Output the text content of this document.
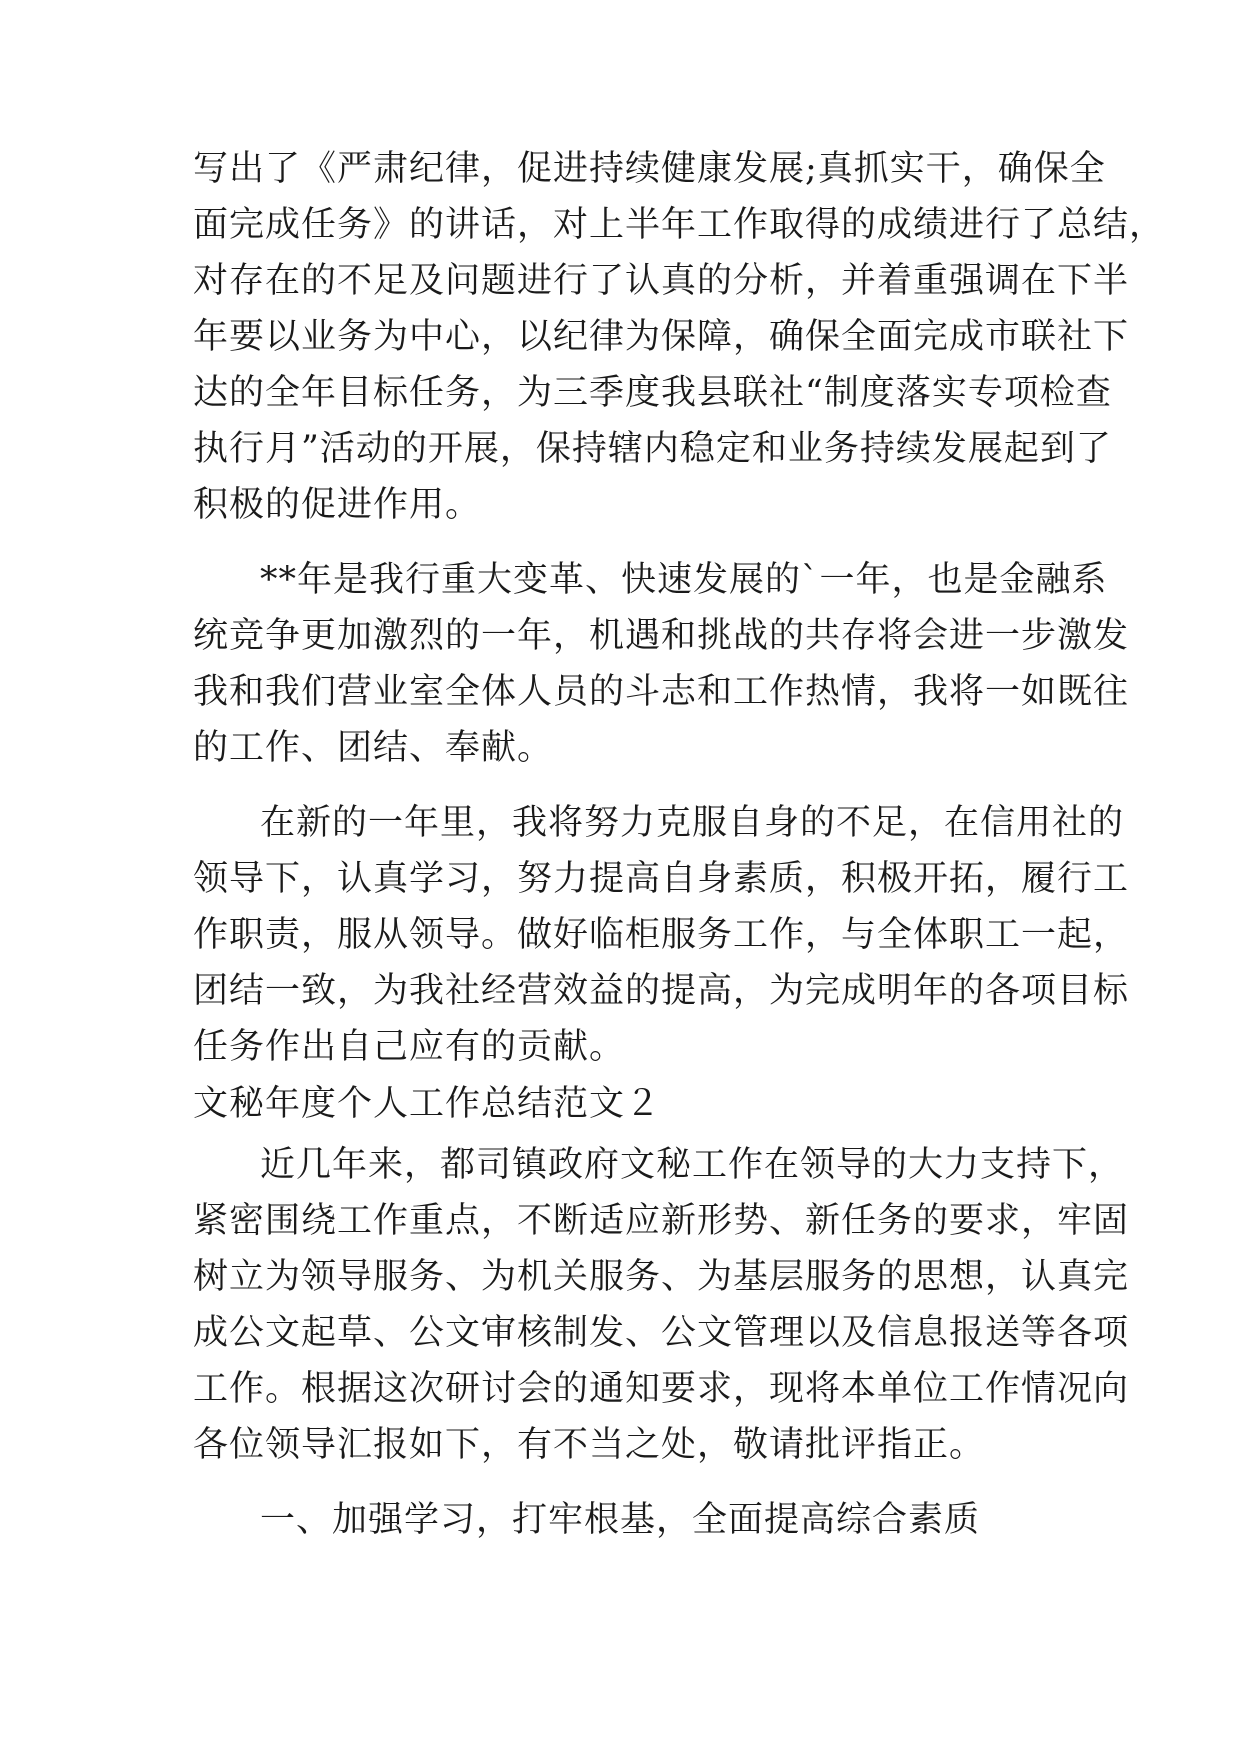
写出了《严肃纪律，促进持续健康发展;真抓实干，确保全
面完成任务》的讲话，对上半年工作取得的成绩进行了总结，
对存在的不足及问题进行了认真的分析，并着重强调在下半
年要以业务为中心，以纪律为保障，确保全面完成市联社下
达的全年目标任务，为三季度我县联社“制度落实专项检查
执行月”活动的开展，保持辖内稳定和业务持续发展起到了
积极的促进作用。
**年是我行重大变革、快速发展的`一年，也是金融系
统竞争更加激烈的一年，机遇和挑战的共存将会进一步激发
我和我们营业室全体人员的斗志和工作热情，我将一如既往
的工作、团结、奉献。
在新的一年里，我将努力克服自身的不足，在信用社的
领导下，认真学习，努力提高自身素质，积极开拓，履行工
作职责，服从领导。做好临柜服务工作，与全体职工一起，
团结一致，为我社经营效益的提高，为完成明年的各项目标
任务作出自己应有的贡献。
文秘年度个人工作总结范文２
近几年来，都司镇政府文秘工作在领导的大力支持下，
紧密围绕工作重点，不断适应新形势、新任务的要求，牢固
树立为领导服务、为机关服务、为基层服务的思想，认真完
成公文起草、公文审核制发、公文管理以及信息报送等各项
工作。根据这次研讨会的通知要求，现将本单位工作情况向
各位领导汇报如下，有不当之处，敬请批评指正。
一、加强学习，打牢根基，全面提高综合素质
